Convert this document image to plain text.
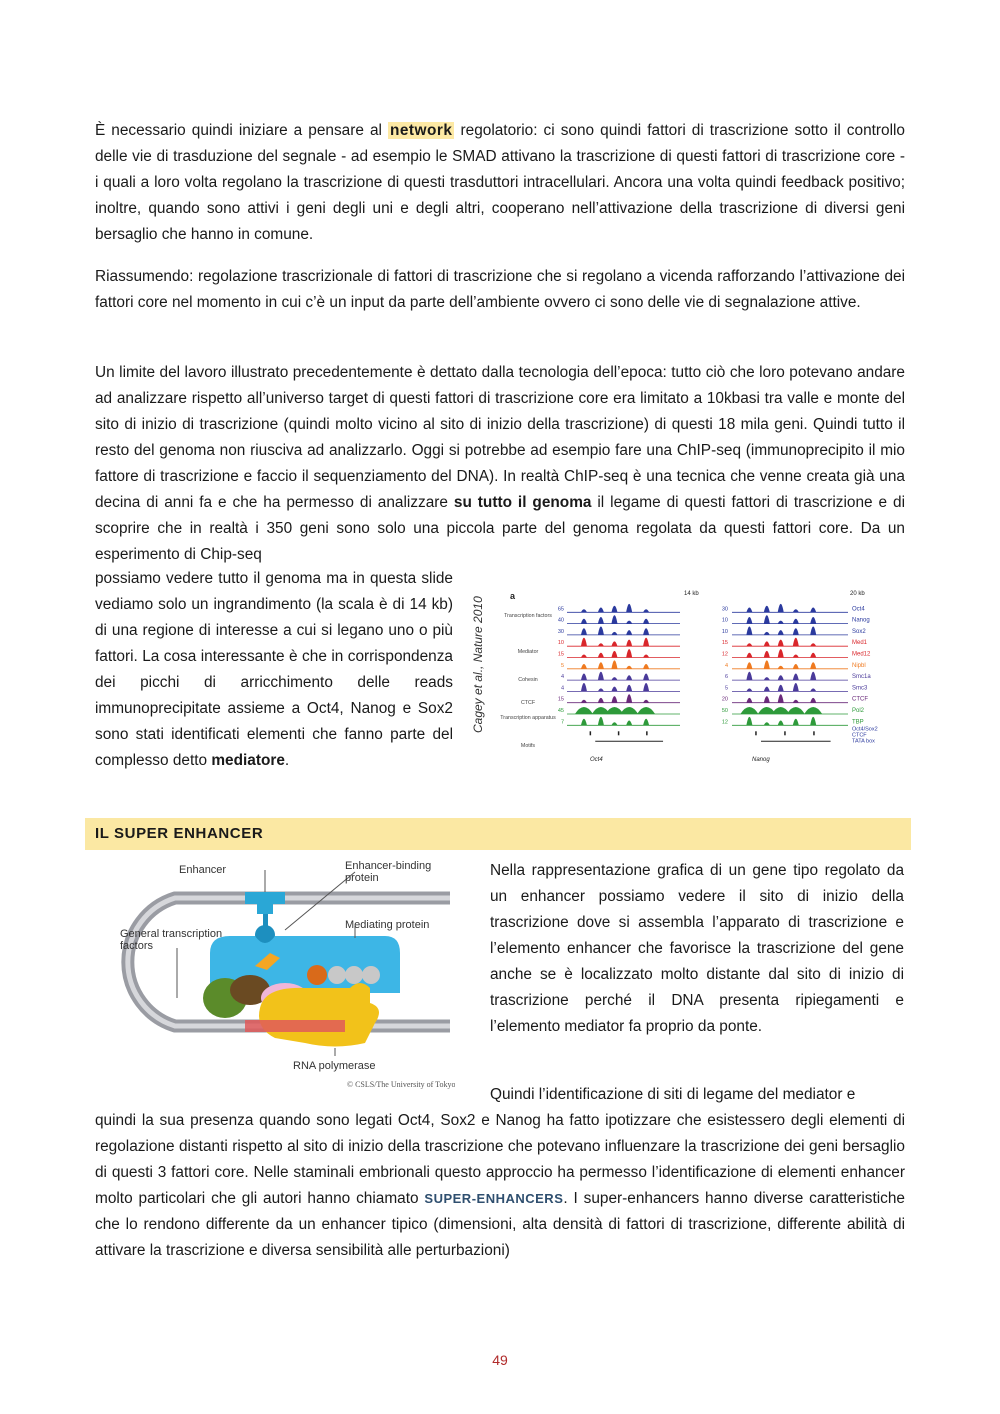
È necessario quindi iniziare a pensare al network regolatorio: ci sono quindi fattori di trascrizione sotto il controllo delle vie di trasduzione del segnale - ad esempio le SMAD attivano la trascrizione di questi fattori di trascrizione core - i quali a loro volta regolano la trascrizione di questi trasduttori intracellulari. Ancora una volta quindi feedback positivo; inoltre, quando sono attivi i geni degli uni e degli altri, cooperano nell’attivazione della trascrizione di diversi geni bersaglio che hanno in comune.

Riassumendo: regolazione trascrizionale di fattori di trascrizione che si regolano a vicenda rafforzando l’attivazione dei fattori core nel momento in cui c’è un input da parte dell’ambiente ovvero ci sono delle vie di segnalazione attive.

Un limite del lavoro illustrato precedentemente è dettato dalla tecnologia dell’epoca: tutto ciò che loro potevano andare ad analizzare rispetto all’universo target di questi fattori di trascrizione core era limitato a 10kbasi tra valle e monte del sito di inizio di trascrizione (quindi molto vicino al sito di inizio della trascrizione) di questi 18 mila geni. Quindi tutto il resto del genoma non riusciva ad analizzarlo. Oggi si potrebbe ad esempio fare una ChIP-seq (immunoprecipito il mio fattore di trascrizione e faccio il sequenziamento del DNA). In realtà ChIP-seq è una tecnica che venne creata già una decina di anni fa e che ha permesso di analizzare su tutto il genoma il legame di questi fattori di trascrizione e di scoprire che in realtà i 350 geni sono solo una piccola parte del genoma regolata da questi fattori core. Da un esperimento di Chip-seq

possiamo vedere tutto il genoma ma in questa slide vediamo solo un ingrandimento (la scala è di 14 kb) di una regione di interesse a cui si legano uno o più fattori. La cosa interessante è che in corrispondenza dei picchi di arricchimento delle reads immunoprecipitate assieme a Oct4, Nanog e Sox2 sono stati identificati elementi che fanno parte del complesso detto mediatore.

Cagey et al., Nature 2010
a	14 kb	20 kb
Oct4	Nanog
65	30	Oct4
40	10	Nanog
30	10	Sox2
10	15	Med1
15	12	Med12
5	4	Nipbl
4	6	Smc1a
4	5	Smc3
15	20	CTCF
45	50	Pol2
7	12	TBP
Oct4/Sox2
CTCF
TATA box
Transcription factors
Mediator
Cohesin
CTCF
Transcription apparatus
Motifs
IL SUPER ENHANCER
Enhancer	Enhancer-binding protein
Mediating protein
General transcription factors
RNA polymerase
© CSLS/The University of Tokyo

Nella rappresentazione grafica di un gene tipo regolato da un enhancer possiamo vedere il sito di inizio della trascrizione dove si assembla l’apparato di trascrizione e l’elemento enhancer che favorisce la trascrizione del gene anche se è localizzato molto distante dal sito di inizio di trascrizione perché il DNA presenta ripiegamenti e l’elemento mediator fa proprio da ponte.

Quindi l’identificazione di siti di legame del mediator e

quindi la sua presenza quando sono legati Oct4, Sox2 e Nanog ha fatto ipotizzare che esistessero degli elementi di regolazione distanti rispetto al sito di inizio della trascrizione che potevano influenzare la trascrizione dei geni bersaglio di questi 3 fattori core. Nelle staminali embrionali questo approccio ha permesso l’identificazione di elementi enhancer molto particolari che gli autori hanno chiamato SUPER-ENHANCERS. I super-enhancers hanno diverse caratteristiche che lo rendono differente da un enhancer tipico (dimensioni, alta densità di fattori di trascrizione, differente abilità di attivare la trascrizione e diversa sensibilità alle perturbazioni)

49
